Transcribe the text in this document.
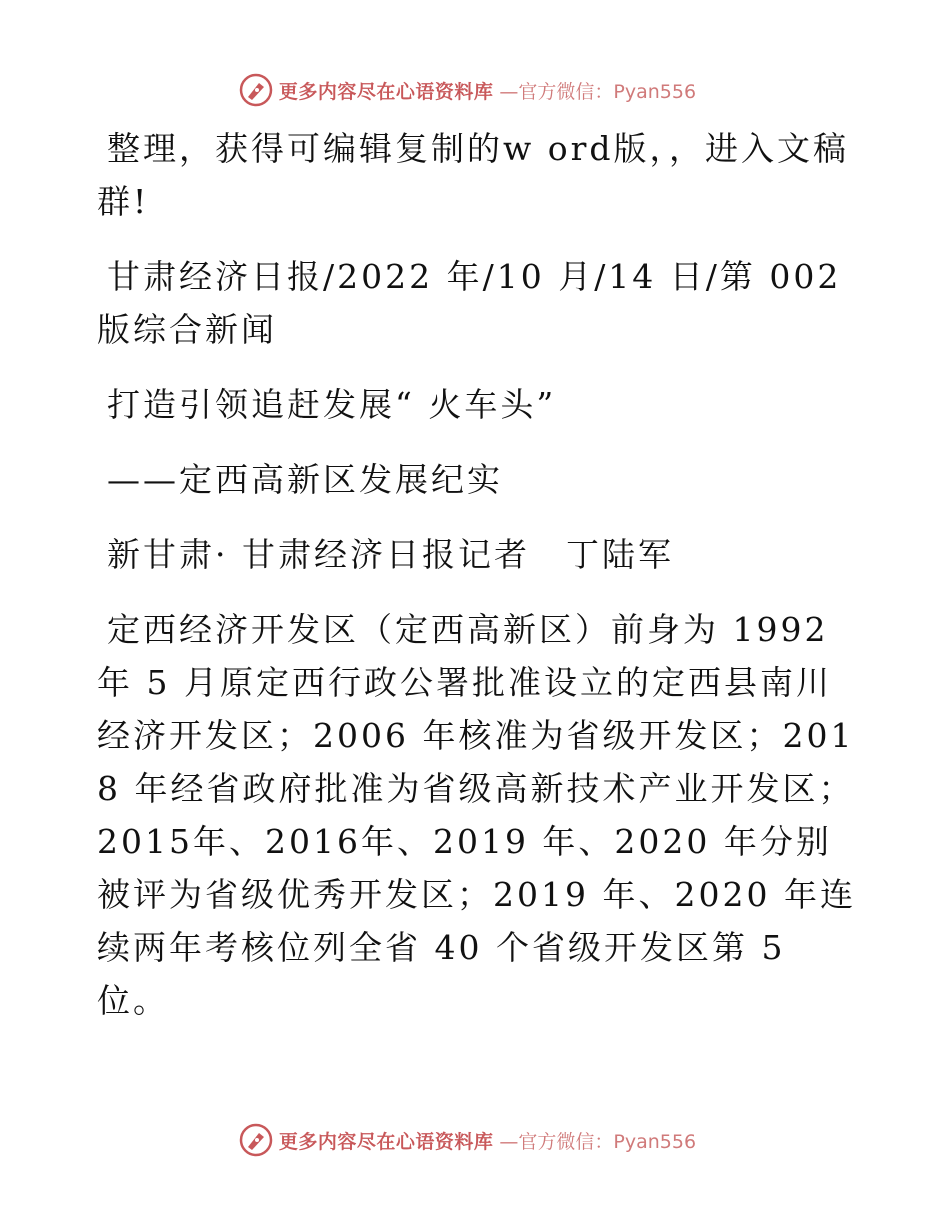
更多内容尽在心语资料库 —官方微信：Pyan556

整理，获得可编辑复制的w ord版，，进入文稿群!

甘肃经济日报/2022 年/10 月/14 日/第 002 版综合新闻

打造引领追赶发展“ 火车头”

——定西高新区发展纪实

新甘肃· 甘肃经济日报记者　丁陆军

定西经济开发区（定西高新区）前身为 1992 年 5 月原定西行政公署批准设立的定西县南川经济开发区；2006 年核准为省级开发区；2018 年经省政府批准为省级高新技术产业开发区；2015年、2016年、2019 年、2020 年分别被评为省级优秀开发区；2019 年、2020 年连续两年考核位列全省 40 个省级开发区第 5 位。

更多内容尽在心语资料库 —官方微信：Pyan556
